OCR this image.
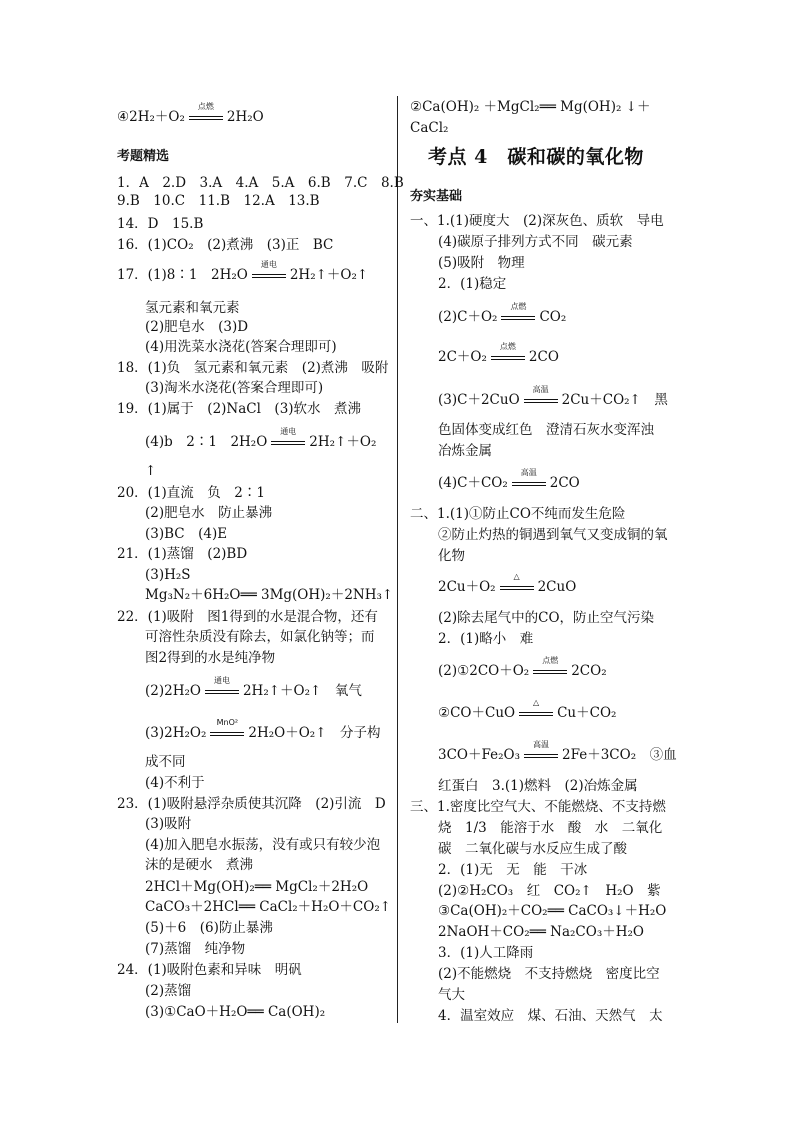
④2H₂＋O₂
点燃
2H₂O
考题精选
1．A　2.D　3.A　4.A　5.A　6.B　7.C　8.B
9.B　10.C　11.B　12.A　13.B
14．D　15.B
16．(1)CO₂　(2)煮沸　(3)正　BC
17．(1)8∶1　2H₂O
通电
2H₂↑＋O₂↑
氢元素和氧元素
(2)肥皂水　(3)D
(4)用洗菜水浇花(答案合理即可)
18．(1)负　氢元素和氧元素　(2)煮沸　吸附
(3)淘米水浇花(答案合理即可)
19．(1)属于　(2)NaCl　(3)软水　煮沸
(4)b　2∶1　2H₂O
通电
2H₂↑＋O₂
↑
20．(1)直流　负　2∶1
(2)肥皂水　防止暴沸
(3)BC　(4)E
21．(1)蒸馏　(2)BD
(3)H₂S
Mg₃N₂＋6H₂O══ 3Mg(OH)₂＋2NH₃↑
22．(1)吸附　图1得到的水是混合物，还有
可溶性杂质没有除去，如氯化钠等；而
图2得到的水是纯净物
(2)2H₂O
通电
2H₂↑＋O₂↑　氧气
(3)2H₂O₂
MnO²
2H₂O＋O₂↑　分子构
成不同
(4)不利于
23．(1)吸附悬浮杂质使其沉降　(2)引流　D
(3)吸附
(4)加入肥皂水振荡，没有或只有较少泡
沫的是硬水　煮沸
2HCl＋Mg(OH)₂══ MgCl₂＋2H₂O
CaCO₃＋2HCl══ CaCl₂＋H₂O＋CO₂↑
(5)＋6　(6)防止暴沸
(7)蒸馏　纯净物
24．(1)吸附色素和异味　明矾
(2)蒸馏
(3)①CaO＋H₂O══ Ca(OH)₂
②Ca(OH)₂ ＋MgCl₂══ Mg(OH)₂ ↓＋
CaCl₂
考点 4　碳和碳的氧化物
夯实基础
一、1.(1)硬度大　(2)深灰色、质软　导电
(4)碳原子排列方式不同　碳元素
(5)吸附　物理
2．(1)稳定
(2)C＋O₂
点燃
CO₂
2C＋O₂
点燃
2CO
(3)C＋2CuO
高温
2Cu＋CO₂↑　黑
色固体变成红色　澄清石灰水变浑浊
冶炼金属
(4)C＋CO₂
高温
2CO
二、1.(1)①防止CO不纯而发生危险
②防止灼热的铜遇到氧气又变成铜的氧
化物
2Cu＋O₂
△
2CuO
(2)除去尾气中的CO，防止空气污染
2．(1)略小　难
(2)①2CO＋O₂
点燃
2CO₂
②CO＋CuO
△
Cu＋CO₂
3CO＋Fe₂O₃
高温
2Fe＋3CO₂　③血
红蛋白　3.(1)燃料　(2)冶炼金属
三、1.密度比空气大、不能燃烧、不支持燃
烧　1/3　能溶于水　酸　水　二氧化
碳　二氧化碳与水反应生成了酸
2．(1)无　无　能　干冰
(2)②H₂CO₃　红　CO₂↑　H₂O　紫
③Ca(OH)₂＋CO₂══ CaCO₃↓＋H₂O
2NaOH＋CO₂══ Na₂CO₃＋H₂O
3．(1)人工降雨
(2)不能燃烧　不支持燃烧　密度比空
气大
4．温室效应　煤、石油、天然气　太
